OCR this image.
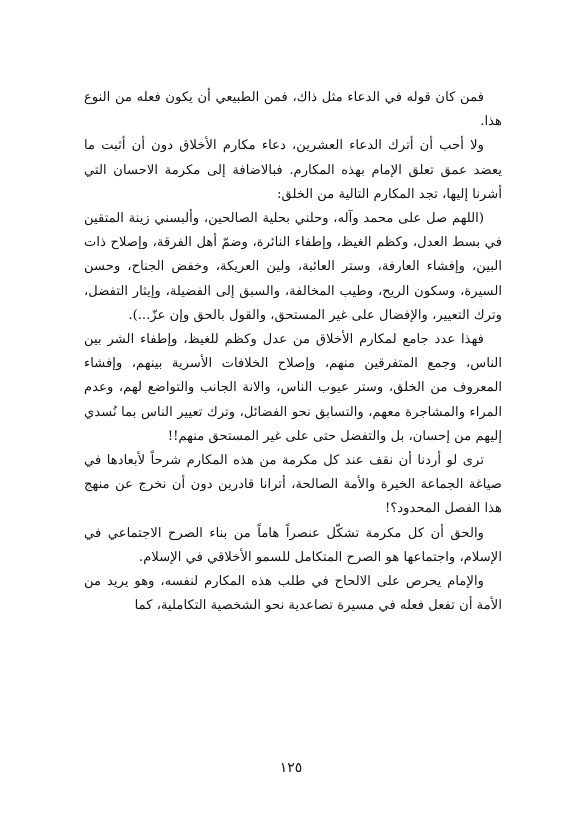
فمن كان قوله في الدعاء مثل ذاك، فمن الطبيعي أن يكون فعله من النوع هذا.

ولا أحب أن أترك الدعاء العشرين، دعاء مكارم الأخلاق دون أن أثبت ما يعضد عمق تعلق الإمام بهذه المكارم. فبالاضافة إلى مكرمة الاحسان التي أشرنا إليها، تجد المكارم التالية من الخلق:

(اللهم صل على محمد وآله، وحلني بحلية الصالحين، وألبسني زينة المتقين في بسط العدل، وكظم الغيظ، وإطفاء النائرة، وضمّ أهل الفرقة، وإصلاح ذات البين، وإفشاء العارفة، وستر العائبة، ولين العريكة، وخفض الجناح، وحسن السيرة، وسكون الريح، وطيب المخالفة، والسبق إلى الفضيلة، وإيثار التفضل، وترك التعيير، والإفضال على غير المستحق، والقول بالحق وإن عزّ...).

فهذا عدد جامع لمكارم الأخلاق من عدل وكظم للغيظ، وإطفاء الشر بين الناس، وجمع المتفرقين منهم، وإصلاح الخلافات الأسرية بينهم، وإفشاء المعروف من الخلق، وستر عيوب الناس، والانة الجانب والتواضع لهم، وعدم المراء والمشاجرة معهم، والتسابق نحو الفضائل، وترك تعيير الناس بما نُسدي إليهم من إحسان، بل والتفضل حتى على غير المستحق منهم!!

ترى لو أردنا أن نقف عند كل مكرمة من هذه المكارم شرحاً لأبعادها في صياغة الجماعة الخيرة والأمة الصالحة، أترانا قادرين دون أن نخرج عن منهج هذا الفصل المحدود؟!

والحق أن كل مكرمة تشكّل عنصراً هاماً من بناء الصرح الاجتماعي في الإسلام، واجتماعها هو الصرح المتكامل للسمو الأخلاقي في الإسلام.

والإمام يحرص على الالحاح في طلب هذه المكارم لنفسه، وهو يريد من الأمة أن تفعل فعله في مسيرة تصاعدية نحو الشخصية التكاملية، كما

١٢٥
